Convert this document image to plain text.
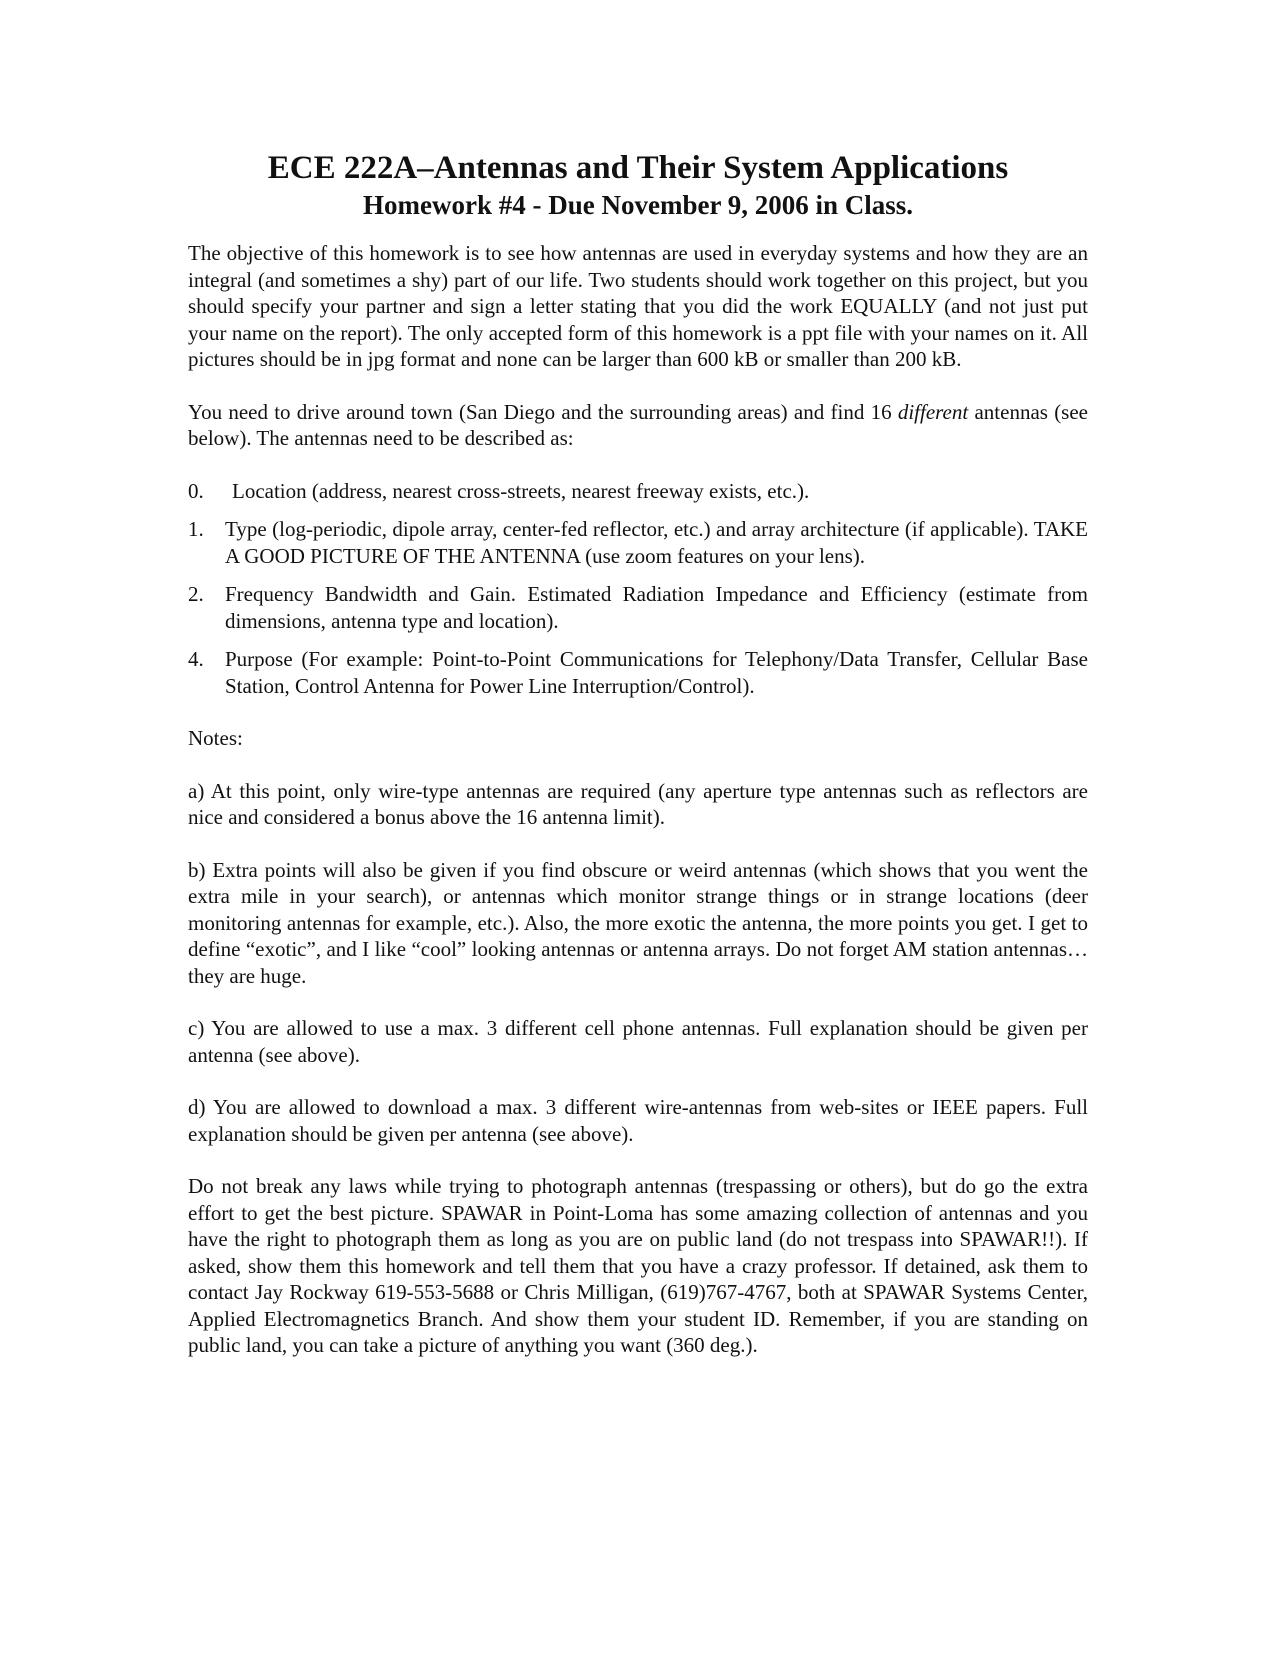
ECE 222A–Antennas and Their System Applications
Homework #4 - Due November 9, 2006 in Class.

The objective of this homework is to see how antennas are used in everyday systems and how they are an integral (and sometimes a shy) part of our life. Two students should work together on this project, but you should specify your partner and sign a letter stating that you did the work EQUALLY (and not just put your name on the report). The only accepted form of this homework is a ppt file with your names on it. All pictures should be in jpg format and none can be larger than 600 kB or smaller than 200 kB.

You need to drive around town (San Diego and the surrounding areas) and find 16 different antennas (see below). The antennas need to be described as:

0. Location (address, nearest cross-streets, nearest freeway exists, etc.).
1. Type (log-periodic, dipole array, center-fed reflector, etc.) and array architecture (if applicable). TAKE A GOOD PICTURE OF THE ANTENNA (use zoom features on your lens).
2. Frequency Bandwidth and Gain. Estimated Radiation Impedance and Efficiency (estimate from dimensions, antenna type and location).
4. Purpose (For example: Point-to-Point Communications for Telephony/Data Transfer, Cellular Base Station, Control Antenna for Power Line Interruption/Control).

Notes:

a) At this point, only wire-type antennas are required (any aperture type antennas such as reflectors are nice and considered a bonus above the 16 antenna limit).

b) Extra points will also be given if you find obscure or weird antennas (which shows that you went the extra mile in your search), or antennas which monitor strange things or in strange locations (deer monitoring antennas for example, etc.). Also, the more exotic the antenna, the more points you get. I get to define “exotic”, and I like “cool” looking antennas or antenna arrays. Do not forget AM station antennas…they are huge.

c) You are allowed to use a max. 3 different cell phone antennas. Full explanation should be given per antenna (see above).

d) You are allowed to download a max. 3 different wire-antennas from web-sites or IEEE papers. Full explanation should be given per antenna (see above).

Do not break any laws while trying to photograph antennas (trespassing or others), but do go the extra effort to get the best picture. SPAWAR in Point-Loma has some amazing collection of antennas and you have the right to photograph them as long as you are on public land (do not trespass into SPAWAR!!). If asked, show them this homework and tell them that you have a crazy professor. If detained, ask them to contact Jay Rockway 619-553-5688 or Chris Milligan, (619)767-4767, both at SPAWAR Systems Center, Applied Electromagnetics Branch. And show them your student ID. Remember, if you are standing on public land, you can take a picture of anything you want (360 deg.).
